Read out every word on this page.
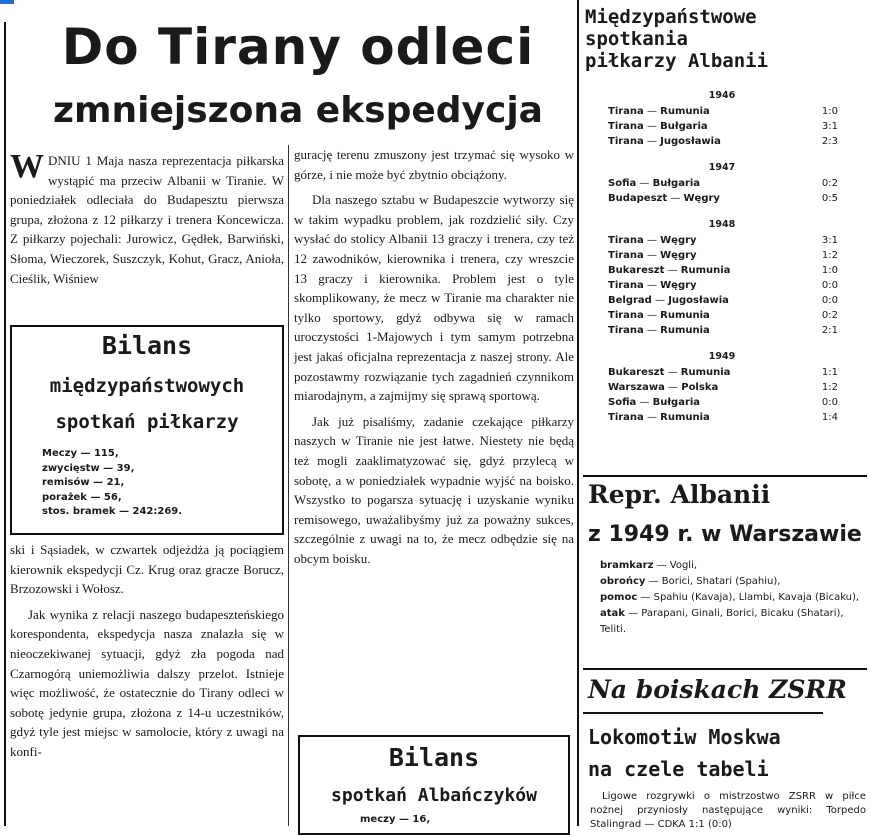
Do Tirany odleci
zmniejszona ekspedycja
W DNIU 1 Maja nasza reprezentacja piłkarska wystąpić ma przeciw Albanii w Tiranie. W poniedziałek odleciała do Budapesztu pierwsza grupa, złożona z 12 piłkarzy i trenera Koncewicza. Z piłkarzy pojechali: Jurowicz, Gędłek, Barwiński, Słoma, Wieczorek, Suszczyk, Kohut, Gracz, Anioła, Cieślik, Wiśniew

Bilans

międzypaństwowych

spotkań piłkarzy

Meczy — 115,

zwycięstw — 39,

remisów — 21,

porażek — 56,

stos. bramek — 242:269.

ski i Sąsiadek, w czwartek odjeżdża ją pociągiem kierownik ekspedycji Cz. Krug oraz gracze Borucz, Brzozowski i Wołosz.

Jak wynika z relacji naszego budapeszteńskiego korespondenta, ekspedycja nasza znalazła się w nieoczekiwanej sytuacji, gdyż zła pogoda nad Czarnogórą uniemożliwia dalszy przelot. Istnieje więc możliwość, że ostatecznie do Tirany odleci w sobotę jedynie grupa, złożona z 14-u uczestników, gdyż tyle jest miejsc w samolocie, który z uwagi na konfi-

gurację terenu zmuszony jest trzymać się wysoko w górze, i nie może być zbytnio obciążony.

Dla naszego sztabu w Budapeszcie wytworzy się w takim wypadku problem, jak rozdzielić siły. Czy wysłać do stolicy Albanii 13 graczy i trenera, czy też 12 zawodników, kierownika i trenera, czy wreszcie 13 graczy i kierownika. Problem jest o tyle skomplikowany, że mecz w Tiranie ma charakter nie tylko sportowy, gdyż odbywa się w ramach uroczystości 1-Majowych i tym samym potrzebna jest jakaś oficjalna reprezentacja z naszej strony. Ale pozostawmy rozwiązanie tych zagadnień czynnikom miarodajnym, a zajmijmy się sprawą sportową.

Jak już pisaliśmy, zadanie czekające piłkarzy naszych w Tiranie nie jest łatwe. Niestety nie będą też mogli zaaklimatyzować się, gdyż przylecą w sobotę, a w poniedziałek wypadnie wyjść na boisko. Wszystko to pogarsza sytuację i uzyskanie wyniku remisowego, uważalibyśmy już za poważny sukces, szczególnie z uwagi na to, że mecz odbędzie się na obcym boisku.

Bilans

spotkań Albańczyków

meczy — 16,

Międzypaństwowe

spotkania

piłkarzy Albanii

1946
Tirana — Rumunia	1:0
Tirana — Bułgaria	3:1
Tirana — Jugosławia	2:3
1947
Sofia — Bułgaria	0:2
Budapeszt — Węgry	0:5
1948
Tirana — Węgry	3:1
Tirana — Węgry	1:2
Bukareszt — Rumunia	1:0
Tirana — Węgry	0:0
Belgrad — Jugosławia	0:0
Tirana — Rumunia	0:2
Tirana — Rumunia	2:1
1949
Bukareszt — Rumunia	1:1
Warszawa — Polska	1:2
Sofia — Bułgaria	0:0
Tirana — Rumunia	1:4

Repr. Albanii

z 1949 r. w Warszawie

bramkarz — Vogli,

obrońcy — Borici, Shatari (Spahiu),

pomoc — Spahiu (Kavaja), Llambi, Kavaja (Bicaku),

atak — Parapani, Ginali, Borici, Bicaku (Shatari), Teliti.

Na boiskach ZSRR

Lokomotiw Moskwa

na czele tabeli

Ligowe rozgrywki o mistrzostwo ZSRR w piłce nożnej przyniosły następujące wyniki: Torpedo Stalingrad — CDKA 1:1 (0:0)
